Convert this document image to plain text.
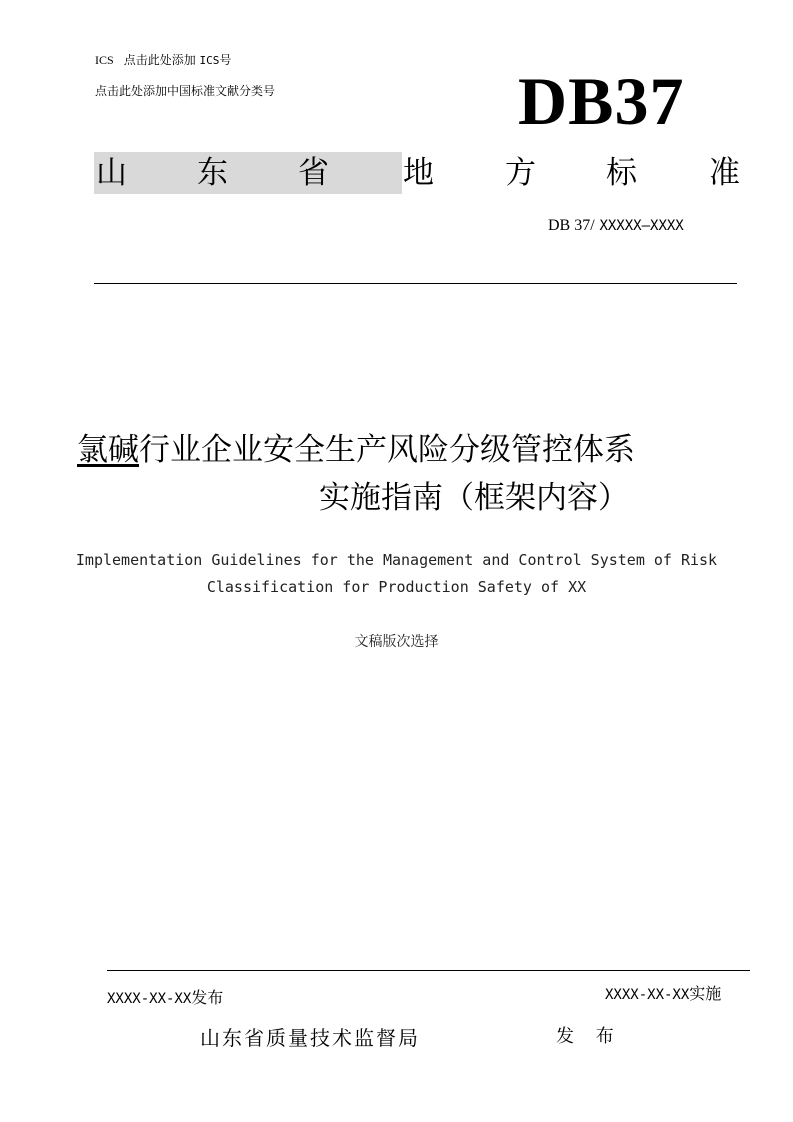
ICS 点击此处添加 ICS号
点击此处添加中国标准文献分类号	DB37
山 东 省 地 方 标 准
DB 37/ XXXXX—XXXX
氯碱行业企业安全生产风险分级管控体系
实施指南（框架内容）
Implementation Guidelines for the Management and Control System of Risk
Classification for Production Safety of XX
文稿版次选择
XXXX-XX-XX发布	XXXX-XX-XX实施
山东省质量技术监督局	发 布
